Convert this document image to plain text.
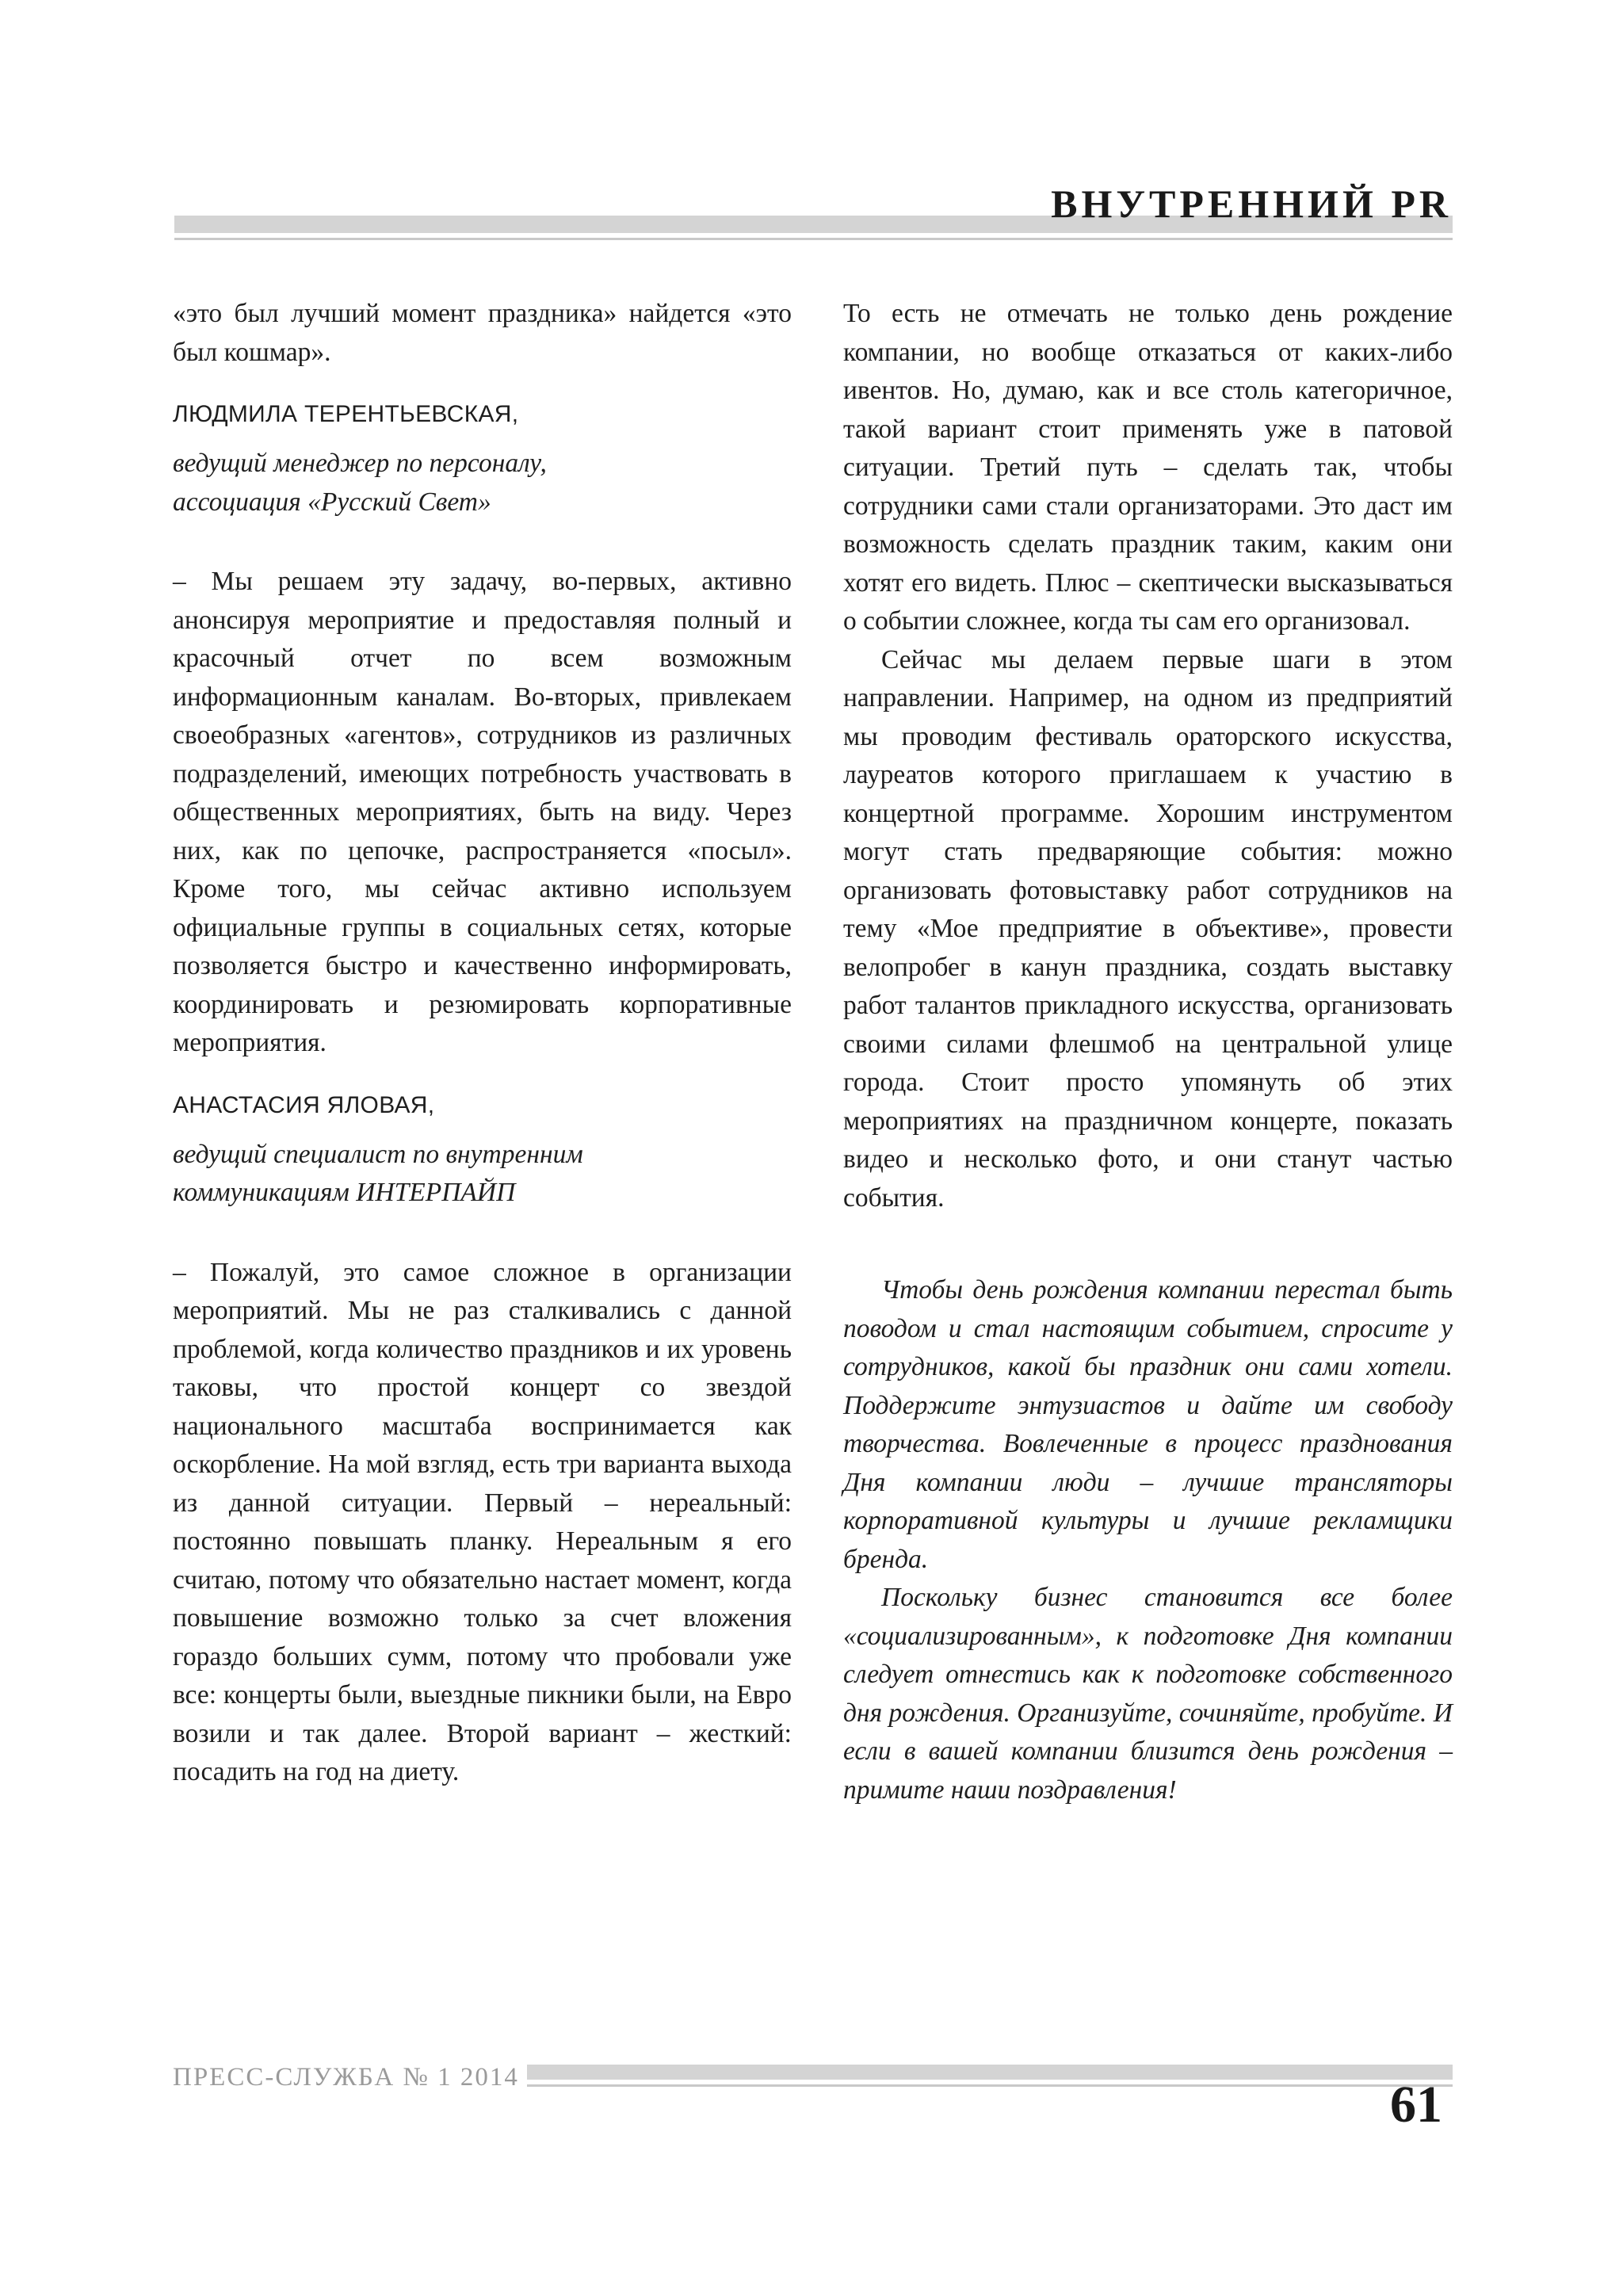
ВНУТРЕННИЙ PR

«это был лучший момент праздника» найдется «это был кошмар».

ЛЮДМИЛА ТЕРЕНТЬЕВСКАЯ,

ведущий менеджер по персоналу,

ассоциация «Русский Свет»

– Мы решаем эту задачу, во-первых, активно анонсируя мероприятие и предоставляя полный и красочный отчет по всем возможным информационным каналам. Во-вторых, привлекаем своеобразных «агентов», сотрудников из различных подразделений, имеющих потребность участвовать в общественных мероприятиях, быть на виду. Через них, как по цепочке, распространяется «посыл». Кроме того, мы сейчас активно используем официальные группы в социальных сетях, которые позволяется быстро и качественно информировать, координировать и резюмировать корпоративные мероприятия.

АНАСТАСИЯ ЯЛОВАЯ,

ведущий специалист по внутренним

коммуникациям ИНТЕРПАЙП

– Пожалуй, это самое сложное в организации мероприятий. Мы не раз сталкивались с данной проблемой, когда количество праздников и их уровень таковы, что простой концерт со звездой национального масштаба воспринимается как оскорбление. На мой взгляд, есть три варианта выхода из данной ситуации. Первый – нереальный: постоянно повышать планку. Нереальным я его считаю, потому что обязательно настает момент, когда повышение возможно только за счет вложения гораздо больших сумм, потому что пробовали уже все: концерты были, выездные пикники были, на Евро возили и так далее. Второй вариант – жесткий: посадить на год на диету.

То есть не отмечать не только день рождение компании, но вообще отказаться от каких-либо ивентов. Но, думаю, как и все столь категоричное, такой вариант стоит применять уже в патовой ситуации. Третий путь – сделать так, чтобы сотрудники сами стали организаторами. Это даст им возможность сделать праздник таким, каким они хотят его видеть. Плюс – скептически высказываться о событии сложнее, когда ты сам его организовал.

Сейчас мы делаем первые шаги в этом направлении. Например, на одном из предприятий мы проводим фестиваль ораторского искусства, лауреатов которого приглашаем к участию в концертной программе. Хорошим инструментом могут стать предваряющие события: можно организовать фотовыставку работ сотрудников на тему «Мое предприятие в объективе», провести велопробег в канун праздника, создать выставку работ талантов прикладного искусства, организовать своими силами флешмоб на центральной улице города. Стоит просто упомянуть об этих мероприятиях на праздничном концерте, показать видео и несколько фото, и они станут частью события.

Чтобы день рождения компании перестал быть поводом и стал настоящим событием, спросите у сотрудников, какой бы праздник они сами хотели. Поддержите энтузиастов и дайте им свободу творчества. Вовлеченные в процесс празднования Дня компании люди – лучшие трансляторы корпоративной культуры и лучшие рекламщики бренда.

Поскольку бизнес становится все более «социализированным», к подготовке Дня компании следует отнестись как к подготовке собственного дня рождения. Организуйте, сочиняйте, пробуйте. И если в вашей компании близится день рождения – примите наши поздравления!

ПРЕСС-СЛУЖБА № 1 2014	61
